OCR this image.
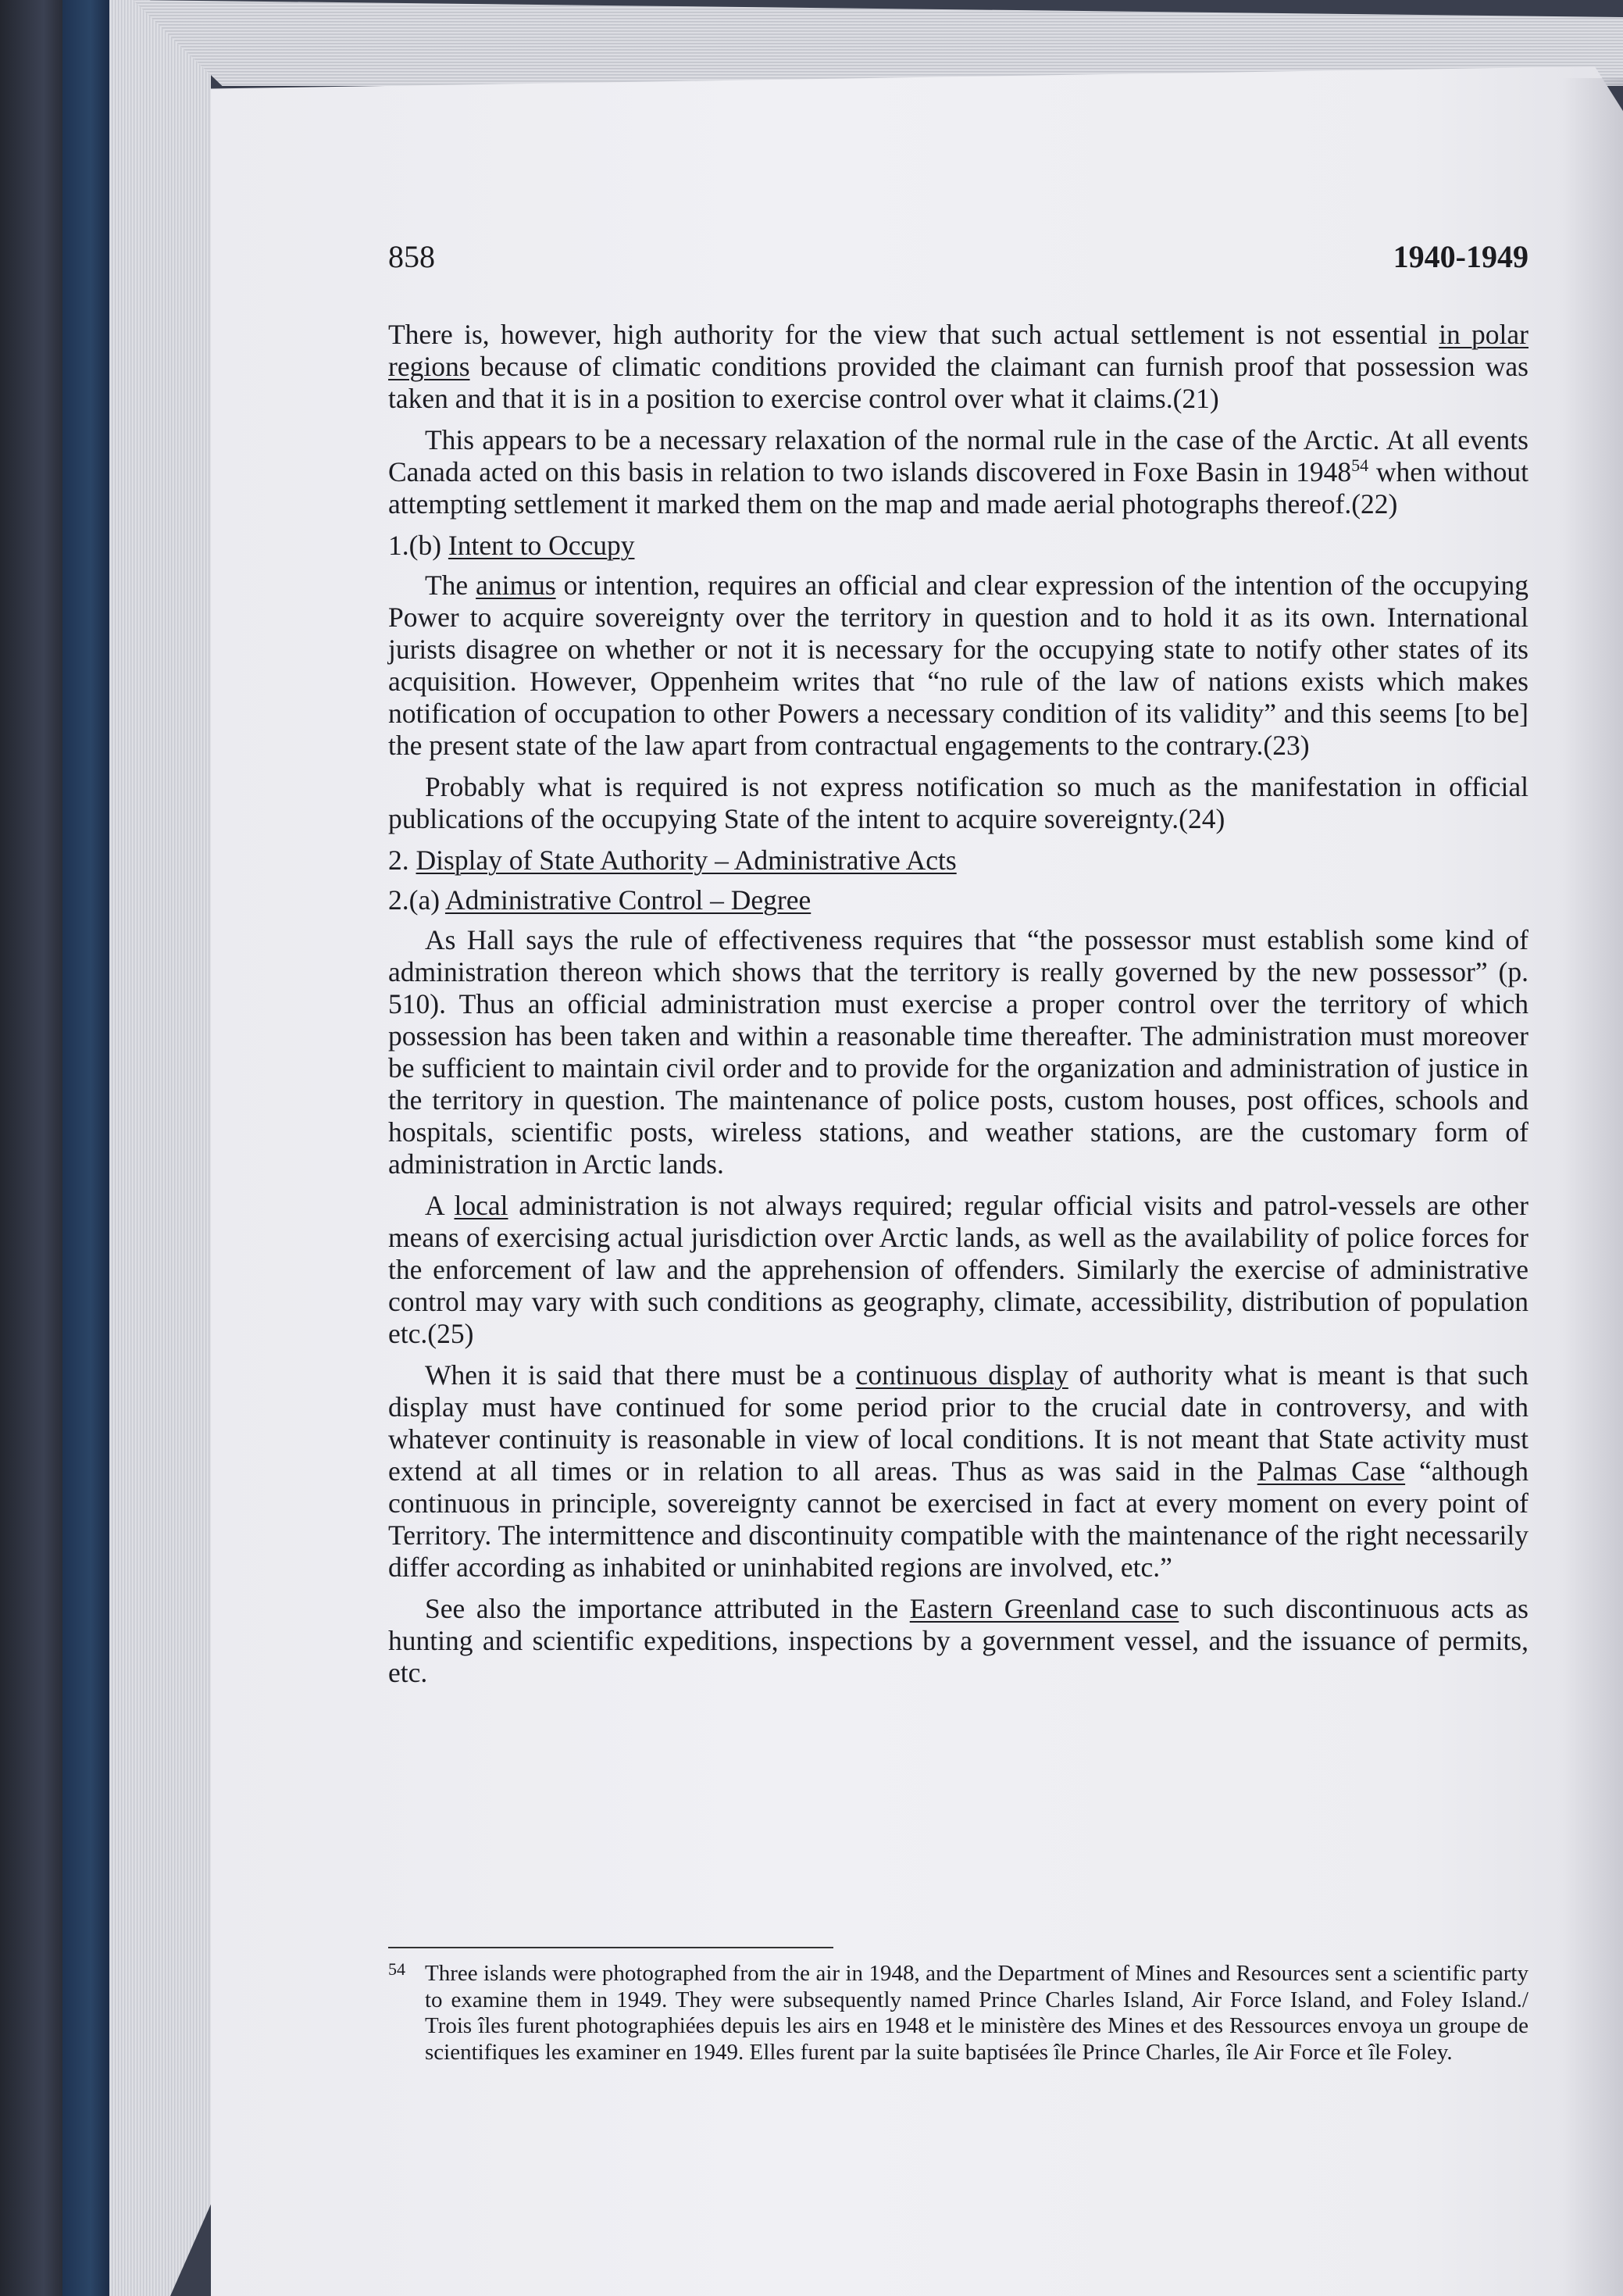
858	1940-1949

There is, however, high authority for the view that such actual settlement is not essential in polar regions because of climatic conditions provided the claimant can furnish proof that possession was taken and that it is in a position to exercise control over what it claims.(21)

This appears to be a necessary relaxation of the normal rule in the case of the Arctic. At all events Canada acted on this basis in relation to two islands discovered in Foxe Basin in 1948$^{54}$ when without attempting settlement it marked them on the map and made aerial photographs thereof.(22)

1.(b) Intent to Occupy

The animus or intention, requires an official and clear expression of the intention of the occupying Power to acquire sovereignty over the territory in question and to hold it as its own. International jurists disagree on whether or not it is necessary for the occupying state to notify other states of its acquisition. However, Oppenheim writes that “no rule of the law of nations exists which makes notification of occupation to other Powers a necessary condition of its validity” and this seems [to be] the present state of the law apart from contractual engagements to the contrary.(23)

Probably what is required is not express notification so much as the manifestation in official publications of the occupying State of the intent to acquire sovereignty.(24)

2. Display of State Authority – Administrative Acts

2.(a) Administrative Control – Degree

As Hall says the rule of effectiveness requires that “the possessor must establish some kind of administration thereon which shows that the territory is really governed by the new possessor” (p. 510). Thus an official administration must exercise a proper control over the territory of which possession has been taken and within a reasonable time thereafter. The administration must moreover be sufficient to maintain civil order and to provide for the organization and administration of justice in the territory in question. The maintenance of police posts, custom houses, post offices, schools and hospitals, scientific posts, wireless stations, and weather stations, are the customary form of administration in Arctic lands.

A local administration is not always required; regular official visits and patrol-vessels are other means of exercising actual jurisdiction over Arctic lands, as well as the availability of police forces for the enforcement of law and the apprehension of offenders. Similarly the exercise of administrative control may vary with such conditions as geography, climate, accessibility, distribution of population etc.(25)

When it is said that there must be a continuous display of authority what is meant is that such display must have continued for some period prior to the crucial date in controversy, and with whatever continuity is reasonable in view of local conditions. It is not meant that State activity must extend at all times or in relation to all areas. Thus as was said in the Palmas Case “although continuous in principle, sovereignty cannot be exercised in fact at every moment on every point of Territory. The intermittence and discontinuity compatible with the maintenance of the right necessarily differ according as inhabited or uninhabited regions are involved, etc.”

See also the importance attributed in the Eastern Greenland case to such discontinuous acts as hunting and scientific expeditions, inspections by a government vessel, and the issuance of permits, etc.

54 Three islands were photographed from the air in 1948, and the Department of Mines and Resources sent a scientific party to examine them in 1949. They were subsequently named Prince Charles Island, Air Force Island, and Foley Island./ Trois îles furent photographiées depuis les airs en 1948 et le ministère des Mines et des Ressources envoya un groupe de scientifiques les examiner en 1949. Elles furent par la suite baptisées île Prince Charles, île Air Force et île Foley.
